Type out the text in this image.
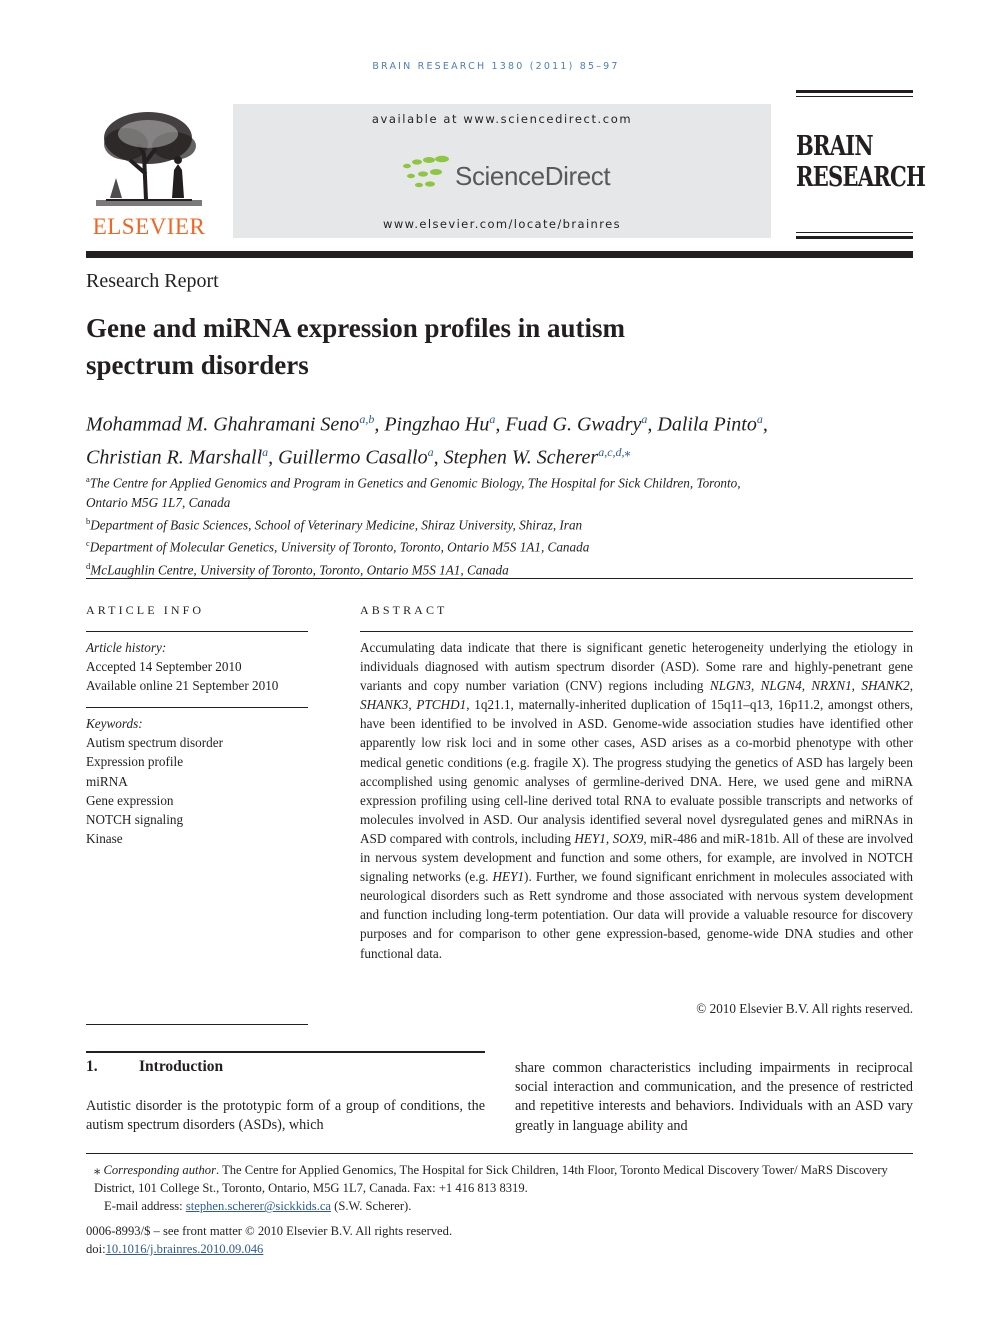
BRAIN RESEARCH 1380 (2011) 85–97
ELSEVIER
available at www.sciencedirect.com
ScienceDirect
www.elsevier.com/locate/brainres
BRAIN
RESEARCH
Research Report
Gene and miRNA expression profiles in autism
spectrum disorders
Mohammad M. Ghahramani Seno$^{a,b}$, Pingzhao Hu$^a$, Fuad G. Gwadry$^a$, Dalila Pinto$^a$,
Christian R. Marshall$^a$, Guillermo Casallo$^a$, Stephen W. Scherer$^{a,c,d,⁎}$
$^a$The Centre for Applied Genomics and Program in Genetics and Genomic Biology, The Hospital for Sick Children, Toronto,
Ontario M5G 1L7, Canada
$^b$Department of Basic Sciences, School of Veterinary Medicine, Shiraz University, Shiraz, Iran
$^c$Department of Molecular Genetics, University of Toronto, Toronto, Ontario M5S 1A1, Canada
$^d$McLaughlin Centre, University of Toronto, Toronto, Ontario M5S 1A1, Canada
ARTICLE INFO
Article history:
Accepted 14 September 2010
Available online 21 September 2010
Keywords:
Autism spectrum disorder
Expression profile
miRNA
Gene expression
NOTCH signaling
Kinase
ABSTRACT
Accumulating data indicate that there is significant genetic heterogeneity underlying the etiology in individuals diagnosed with autism spectrum disorder (ASD). Some rare and highly-penetrant gene variants and copy number variation (CNV) regions including NLGN3, NLGN4, NRXN1, SHANK2, SHANK3, PTCHD1, 1q21.1, maternally-inherited duplication of 15q11–q13, 16p11.2, amongst others, have been identified to be involved in ASD. Genome-wide association studies have identified other apparently low risk loci and in some other cases, ASD arises as a co-morbid phenotype with other medical genetic conditions (e.g. fragile X). The progress studying the genetics of ASD has largely been accomplished using genomic analyses of germline-derived DNA. Here, we used gene and miRNA expression profiling using cell-line derived total RNA to evaluate possible transcripts and networks of molecules involved in ASD. Our analysis identified several novel dysregulated genes and miRNAs in ASD compared with controls, including HEY1, SOX9, miR-486 and miR-181b. All of these are involved in nervous system development and function and some others, for example, are involved in NOTCH signaling networks (e.g. HEY1). Further, we found significant enrichment in molecules associated with neurological disorders such as Rett syndrome and those associated with nervous system development and function including long-term potentiation. Our data will provide a valuable resource for discovery purposes and for comparison to other gene expression-based, genome-wide DNA studies and other functional data.
© 2010 Elsevier B.V. All rights reserved.
1.	Introduction
Autistic disorder is the prototypic form of a group of conditions, the autism spectrum disorders (ASDs), which
share common characteristics including impairments in reciprocal social interaction and communication, and the presence of restricted and repetitive interests and behaviors. Individuals with an ASD vary greatly in language ability and
⁎ Corresponding author. The Centre for Applied Genomics, The Hospital for Sick Children, 14th Floor, Toronto Medical Discovery Tower/ MaRS Discovery District, 101 College St., Toronto, Ontario, M5G 1L7, Canada. Fax: +1 416 813 8319.
E-mail address: stephen.scherer@sickkids.ca (S.W. Scherer).
0006-8993/$ – see front matter © 2010 Elsevier B.V. All rights reserved.
doi:10.1016/j.brainres.2010.09.046
